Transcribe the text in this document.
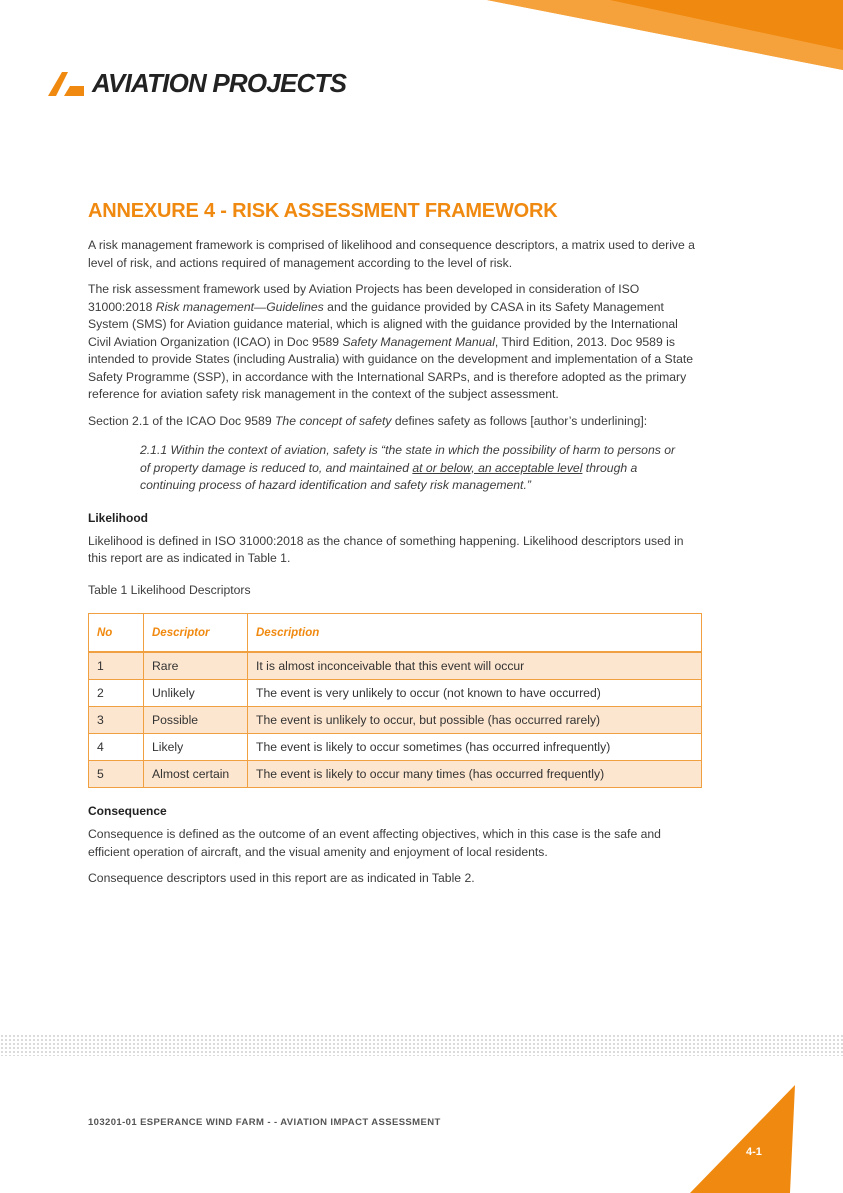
AVIATION PROJECTS
ANNEXURE 4 - RISK ASSESSMENT FRAMEWORK

A risk management framework is comprised of likelihood and consequence descriptors, a matrix used to derive a level of risk, and actions required of management according to the level of risk.

The risk assessment framework used by Aviation Projects has been developed in consideration of ISO 31000:2018 Risk management—Guidelines and the guidance provided by CASA in its Safety Management System (SMS) for Aviation guidance material, which is aligned with the guidance provided by the International Civil Aviation Organization (ICAO) in Doc 9589 Safety Management Manual, Third Edition, 2013. Doc 9589 is intended to provide States (including Australia) with guidance on the development and implementation of a State Safety Programme (SSP), in accordance with the International SARPs, and is therefore adopted as the primary reference for aviation safety risk management in the context of the subject assessment.

Section 2.1 of the ICAO Doc 9589 The concept of safety defines safety as follows [author’s underlining]:

2.1.1 Within the context of aviation, safety is “the state in which the possibility of harm to persons or of property damage is reduced to, and maintained at or below, an acceptable level through a continuing process of hazard identification and safety risk management.”

Likelihood

Likelihood is defined in ISO 31000:2018 as the chance of something happening. Likelihood descriptors used in this report are as indicated in Table 1.

Table 1 Likelihood Descriptors

No	Descriptor	Description
1	Rare	It is almost inconceivable that this event will occur
2	Unlikely	The event is very unlikely to occur (not known to have occurred)
3	Possible	The event is unlikely to occur, but possible (has occurred rarely)
4	Likely	The event is likely to occur sometimes (has occurred infrequently)
5	Almost certain	The event is likely to occur many times (has occurred frequently)
Consequence

Consequence is defined as the outcome of an event affecting objectives, which in this case is the safe and efficient operation of aircraft, and the visual amenity and enjoyment of local residents.

Consequence descriptors used in this report are as indicated in Table 2.

103201-01 ESPERANCE WIND FARM - - AVIATION IMPACT ASSESSMENT
4-1
